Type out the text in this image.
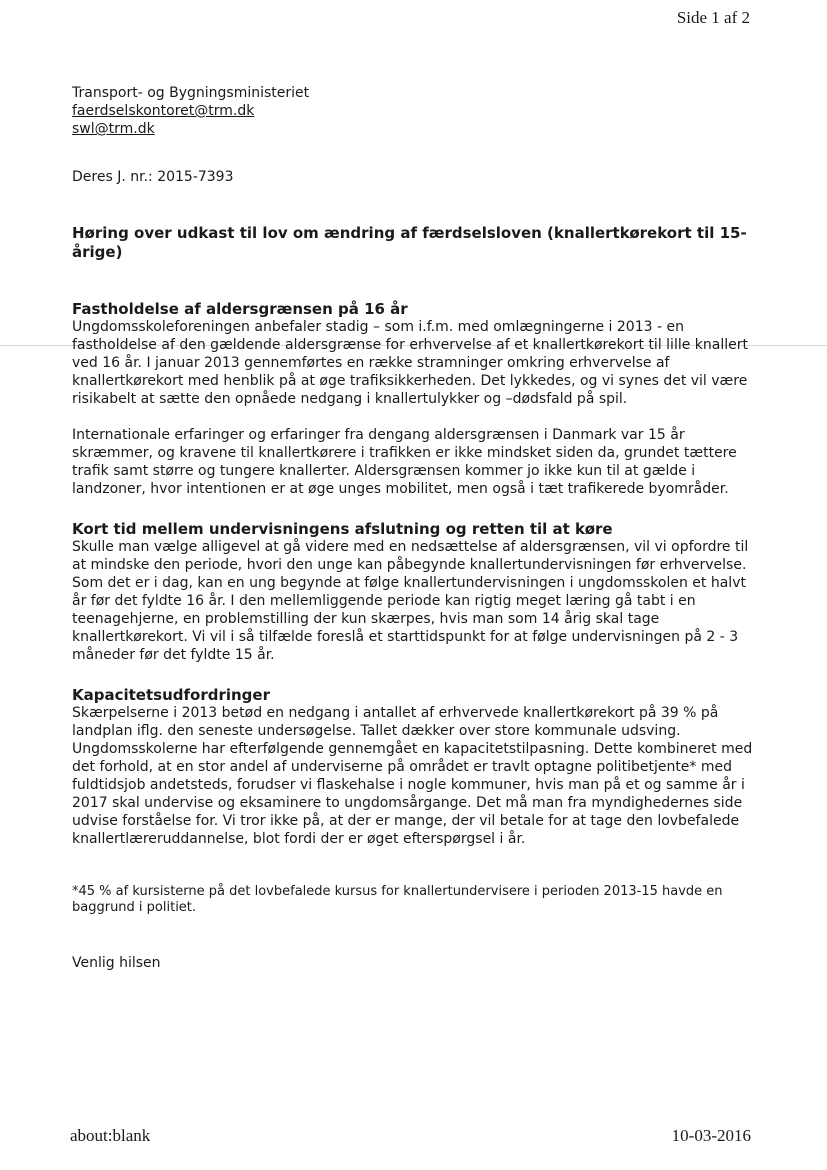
Side 1 af 2
Transport- og Bygningsministeriet
faerdselskontoret@trm.dk
swl@trm.dk

Deres J. nr.: 2015-7393

Høring over udkast til lov om ændring af færdselsloven (knallertkørekort til 15-årige)

Fastholdelse af aldersgrænsen på 16 år

Ungdomsskoleforeningen anbefaler stadig – som i.f.m. med omlægningerne i 2013 - en fastholdelse af den gældende aldersgrænse for erhvervelse af et knallertkørekort til lille knallert ved 16 år. I januar 2013 gennemførtes en række stramninger omkring erhvervelse af knallertkørekort med henblik på at øge trafiksikkerheden. Det lykkedes, og vi synes det vil være risikabelt at sætte den opnåede nedgang i knallertulykker og –dødsfald på spil.

Internationale erfaringer og erfaringer fra dengang aldersgrænsen i Danmark var 15 år skræmmer, og kravene til knallertkørere i trafikken er ikke mindsket siden da, grundet tættere trafik samt større og tungere knallerter. Aldersgrænsen kommer jo ikke kun til at gælde i landzoner, hvor intentionen er at øge unges mobilitet, men også i tæt trafikerede byområder.

Kort tid mellem undervisningens afslutning og retten til at køre

Skulle man vælge alligevel at gå videre med en nedsættelse af aldersgrænsen, vil vi opfordre til at mindske den periode, hvori den unge kan påbegynde knallertundervisningen før erhvervelse. Som det er i dag, kan en ung begynde at følge knallertundervisningen i ungdomsskolen et halvt år før det fyldte 16 år. I den mellemliggende periode kan rigtig meget læring gå tabt i en teenagehjerne, en problemstilling der kun skærpes, hvis man som 14 årig skal tage knallertkørekort. Vi vil i så tilfælde foreslå et starttidspunkt for at følge undervisningen på 2 - 3 måneder før det fyldte 15 år.

Kapacitetsudfordringer

Skærpelserne i 2013 betød en nedgang i antallet af erhvervede knallertkørekort på 39 % på landplan iflg. den seneste undersøgelse. Tallet dækker over store kommunale udsving. Ungdomsskolerne har efterfølgende gennemgået en kapacitetstilpasning. Dette kombineret med det forhold, at en stor andel af underviserne på området er travlt optagne politibetjente* med fuldtidsjob andetsteds, forudser vi flaskehalse i nogle kommuner, hvis man på et og samme år i 2017 skal undervise og eksaminere to ungdomsårgange. Det må man fra myndighedernes side udvise forståelse for. Vi tror ikke på, at der er mange, der vil betale for at tage den lovbefalede knallertlæreruddannelse, blot fordi der er øget efterspørgsel i år.

*45 % af kursisterne på det lovbefalede kursus for knallertundervisere i perioden 2013-15 havde en baggrund i politiet.

Venlig hilsen

about:blank	10-03-2016
